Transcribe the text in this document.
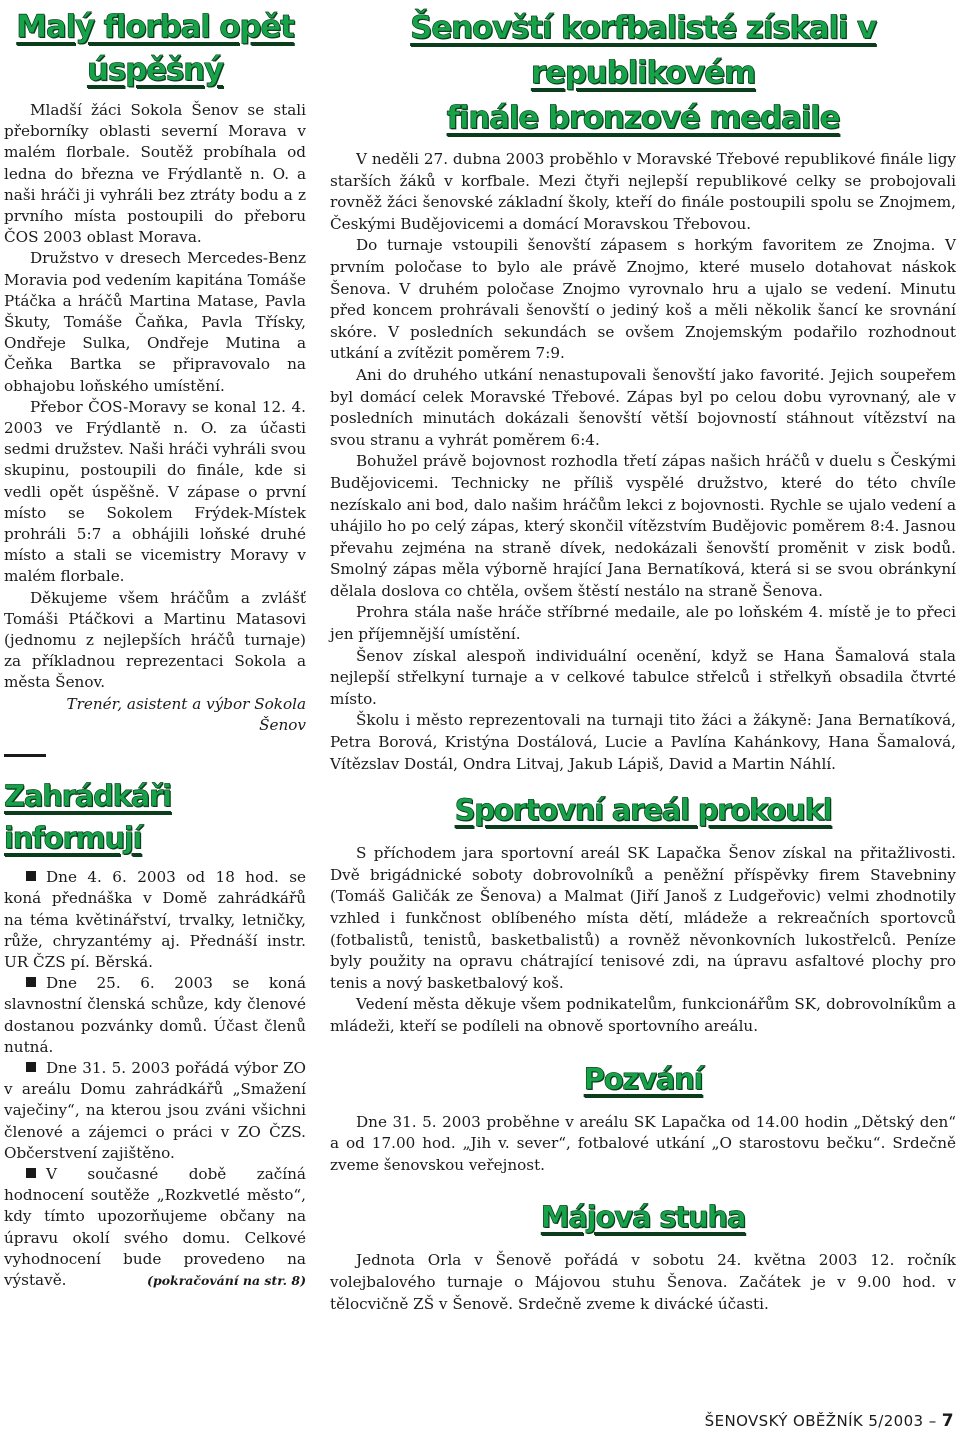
Malý florbal opět
úspěšný

Mladší žáci Sokola Šenov se stali přeborníky oblasti severní Morava v malém florbale. Soutěž probíhala od ledna do března ve Frýdlantě n. O. a naši hráči ji vyhráli bez ztráty bodu a z prvního místa postoupili do přeboru ČOS 2003 oblast Morava.

Družstvo v dresech Mercedes-Benz Moravia pod vedením kapitána Tomáše Ptáčka a hráčů Martina Matase, Pavla Škuty, Tomáše Čaňka, Pavla Třísky, Ondřeje Sulka, Ondřeje Mutina a Čeňka Bartka se připravovalo na obhajobu loňského umístění.

Přebor ČOS-Moravy se konal 12. 4. 2003 ve Frýdlantě n. O. za účasti sedmi družstev. Naši hráči vyhráli svou skupinu, postoupili do finále, kde si vedli opět úspěšně. V zápase o první místo se Sokolem Frýdek-Místek prohráli 5:7 a obhájili loňské druhé místo a stali se vicemistry Moravy v malém florbale.

Děkujeme všem hráčům a zvlášť Tomáši Ptáčkovi a Martinu Matasovi (jednomu z nejlepších hráčů turnaje) za příkladnou reprezentaci Sokola a města Šenov.

Trenér, asistent a výbor Sokola
Šenov
Zahrádkáři informují

Dne 4. 6. 2003 od 18 hod. se koná přednáška v Domě zahrádkářů na téma květinářství, trvalky, letničky, růže, chryzantémy aj. Přednáší instr. UR ČZS pí. Běrská.

Dne 25. 6. 2003 se koná slavnostní členská schůze, kdy členové dostanou pozvánky domů. Účast členů nutná.

Dne 31. 5. 2003 pořádá výbor ZO v areálu Domu zahrádkářů „Smažení vaječiny“, na kterou jsou zváni všichni členové a zájemci o práci v ZO ČZS. Občerstvení zajištěno.

V současné době začíná hodnocení soutěže „Rozkvetlé město“, kdy tímto upozorňujeme občany na úpravu okolí svého domu. Celkové vyhodnocení bude provedeno na výstavě.	(pokračování na str. 8)
Šenovští korfbalisté získali v republikovém
finále bronzové medaile

V neděli 27. dubna 2003 proběhlo v Moravské Třebové republikové finále ligy starších žáků v korfbale. Mezi čtyři nejlepší republikové celky se probojovali rovněž žáci šenovské základní školy, kteří do finále postoupili spolu se Znojmem, Českými Budějovicemi a domácí Moravskou Třebovou.

Do turnaje vstoupili šenovští zápasem s horkým favoritem ze Znojma. V prvním poločase to bylo ale právě Znojmo, které muselo dotahovat náskok Šenova. V druhém poločase Znojmo vyrovnalo hru a ujalo se vedení. Minutu před koncem prohrávali šenovští o jediný koš a měli několik šancí ke srovnání skóre. V posledních sekundách se ovšem Znojemským podařilo rozhodnout utkání a zvítězit poměrem 7:9.

Ani do druhého utkání nenastupovali šenovští jako favorité. Jejich soupeřem byl domácí celek Moravské Třebové. Zápas byl po celou dobu vyrovnaný, ale v posledních minutách dokázali šenovští větší bojovností stáhnout vítězství na svou stranu a vyhrát poměrem 6:4.

Bohužel právě bojovnost rozhodla třetí zápas našich hráčů v duelu s Českými Budějovicemi. Technicky ne příliš vyspělé družstvo, které do této chvíle nezískalo ani bod, dalo našim hráčům lekci z bojovnosti. Rychle se ujalo vedení a uhájilo ho po celý zápas, který skončil vítězstvím Budějovic poměrem 8:4. Jasnou převahu zejména na straně dívek, nedokázali šenovští proměnit v zisk bodů. Smolný zápas měla výborně hrající Jana Bernatíková, která si se svou obránkyní dělala doslova co chtěla, ovšem štěstí nestálo na straně Šenova.

Prohra stála naše hráče stříbrné medaile, ale po loňském 4. místě je to přeci jen příjemnější umístění.

Šenov získal alespoň individuální ocenění, když se Hana Šamalová stala nejlepší střelkyní turnaje a v celkové tabulce střelců i střelkyň obsadila čtvrté místo.

Školu i město reprezentovali na turnaji tito žáci a žákyně: Jana Bernatíková, Petra Borová, Kristýna Dostálová, Lucie a Pavlína Kahánkovy, Hana Šamalová, Vítězslav Dostál, Ondra Litvaj, Jakub Lápiš, David a Martin Náhlí.

Sportovní areál prokoukl

S příchodem jara sportovní areál SK Lapačka Šenov získal na přitažlivosti. Dvě brigádnické soboty dobrovolníků a peněžní příspěvky firem Stavebniny (Tomáš Galičák ze Šenova) a Malmat (Jiří Janoš z Ludgeřovic) velmi zhodnotily vzhled i funkčnost oblíbeného místa dětí, mládeže a rekreačních sportovců (fotbalistů, tenistů, basketbalistů) a rovněž něvonkovních lukostřelců. Peníze byly použity na opravu chátrající tenisové zdi, na úpravu asfaltové plochy pro tenis a nový basketbalový koš.

Vedení města děkuje všem podnikatelům, funkcionářům SK, dobrovolníkům a mládeži, kteří se podíleli na obnově sportovního areálu.

Pozvání

Dne 31. 5. 2003 proběhne v areálu SK Lapačka od 14.00 hodin „Dětský den“ a od 17.00 hod. „Jih v. sever“, fotbalové utkání „O starostovu bečku“. Srdečně zveme šenovskou veřejnost.

Májová stuha

Jednota Orla v Šenově pořádá v sobotu 24. května 2003 12. ročník volejbalového turnaje o Májovou stuhu Šenova. Začátek je v 9.00 hod. v tělocvičně ZŠ v Šenově. Srdečně zveme k divácké účasti.

ŠENOVSKÝ OBĚŽNÍK 5/2003 – 7
